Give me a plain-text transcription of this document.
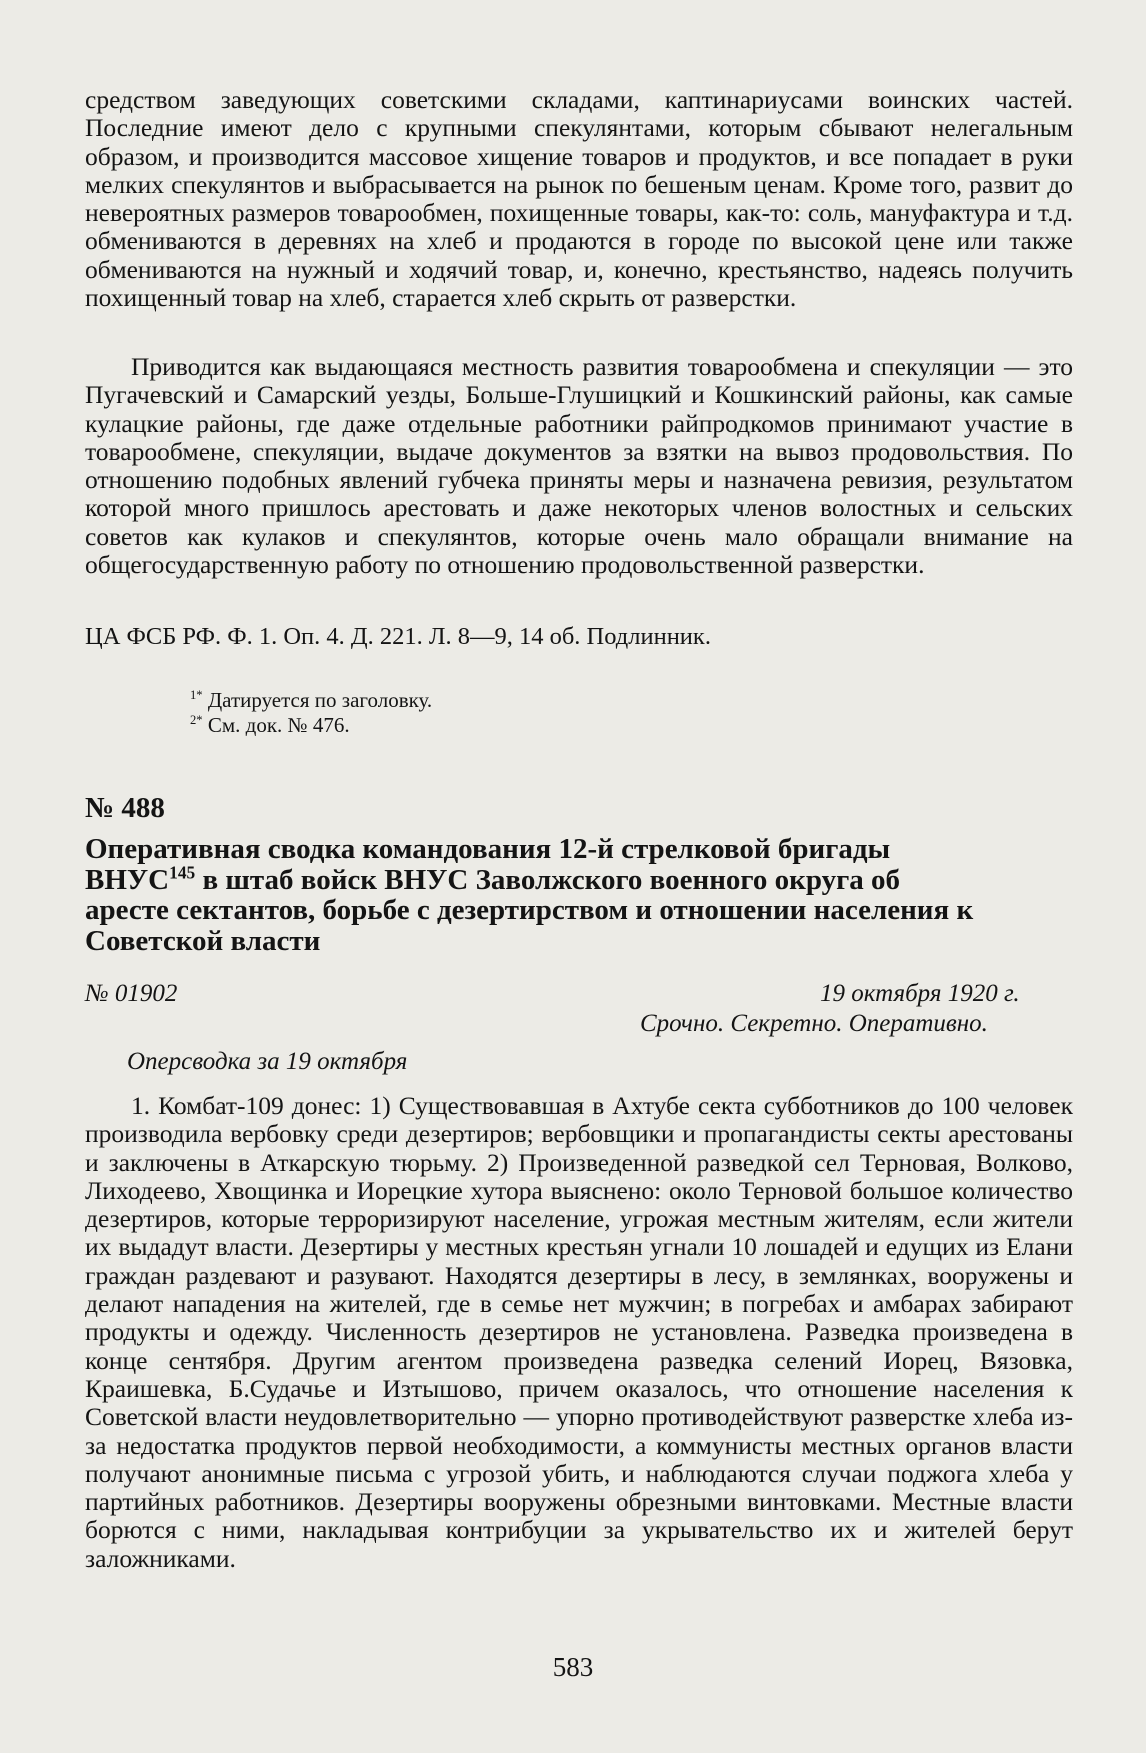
средством заведующих советскими складами, каптинариусами воинских частей. Последние имеют дело с крупными спекулянтами, которым сбывают нелегальным образом, и производится массовое хищение товаров и продуктов, и все попадает в руки мелких спекулянтов и выбрасывается на рынок по бешеным ценам. Кроме того, развит до невероятных размеров товарообмен, похищенные товары, как-то: соль, мануфактура и т.д. обмениваются в деревнях на хлеб и продаются в городе по высокой цене или также обмениваются на нужный и ходячий товар, и, конечно, крестьянство, надеясь получить похищенный товар на хлеб, старается хлеб скрыть от разверстки.

Приводится как выдающаяся местность развития товарообмена и спекуляции — это Пугачевский и Самарский уезды, Больше-Глушицкий и Кошкинский районы, как самые кулацкие районы, где даже отдельные работники райпродкомов принимают участие в товарообмене, спекуляции, выдаче документов за взятки на вывоз продовольствия. По отношению подобных явлений губчека приняты меры и назначена ревизия, результатом которой много пришлось арестовать и даже некоторых членов волостных и сельских советов как кулаков и спекулянтов, которые очень мало обращали внимание на общегосударственную работу по отношению продовольственной разверстки.

ЦА ФСБ РФ. Ф. 1. Оп. 4. Д. 221. Л. 8—9, 14 об. Подлинник.

$^{1*}$ Датируется по заголовку.
$^{2*}$ См. док. № 476.
№ 488
Оперативная сводка командования 12-й стрелковой бригады ВНУС$^{145}$ в штаб войск ВНУС Заволжского военного округа об аресте сектантов, борьбе с дезертирством и отношении населения к Советской власти
№ 01902	19 октября 1920 г.
Срочно. Секретно. Оперативно.
Оперсводка за 19 октября

1. Комбат-109 донес: 1) Существовавшая в Ахтубе секта субботников до 100 человек производила вербовку среди дезертиров; вербовщики и пропагандисты секты арестованы и заключены в Аткарскую тюрьму. 2) Произведенной разведкой сел Терновая, Волково, Лиходеево, Хвощинка и Иорецкие хутора выяснено: около Терновой большое количество дезертиров, которые терроризируют население, угрожая местным жителям, если жители их выдадут власти. Дезертиры у местных крестьян угнали 10 лошадей и едущих из Елани граждан раздевают и разувают. Находятся дезертиры в лесу, в землянках, вооружены и делают нападения на жителей, где в семье нет мужчин; в погребах и амбарах забирают продукты и одежду. Численность дезертиров не установлена. Разведка произведена в конце сентября. Другим агентом произведена разведка селений Иорец, Вязовка, Краишевка, Б.Судачье и Изтышово, причем оказалось, что отношение населения к Советской власти неудовлетворительно — упорно противодействуют разверстке хлеба из-за недостатка продуктов первой необходимости, а коммунисты местных органов власти получают анонимные письма с угрозой убить, и наблюдаются случаи поджога хлеба у партийных работников. Дезертиры вооружены обрезными винтовками. Местные власти борются с ними, накладывая контрибуции за укрывательство их и жителей берут заложниками.

583
